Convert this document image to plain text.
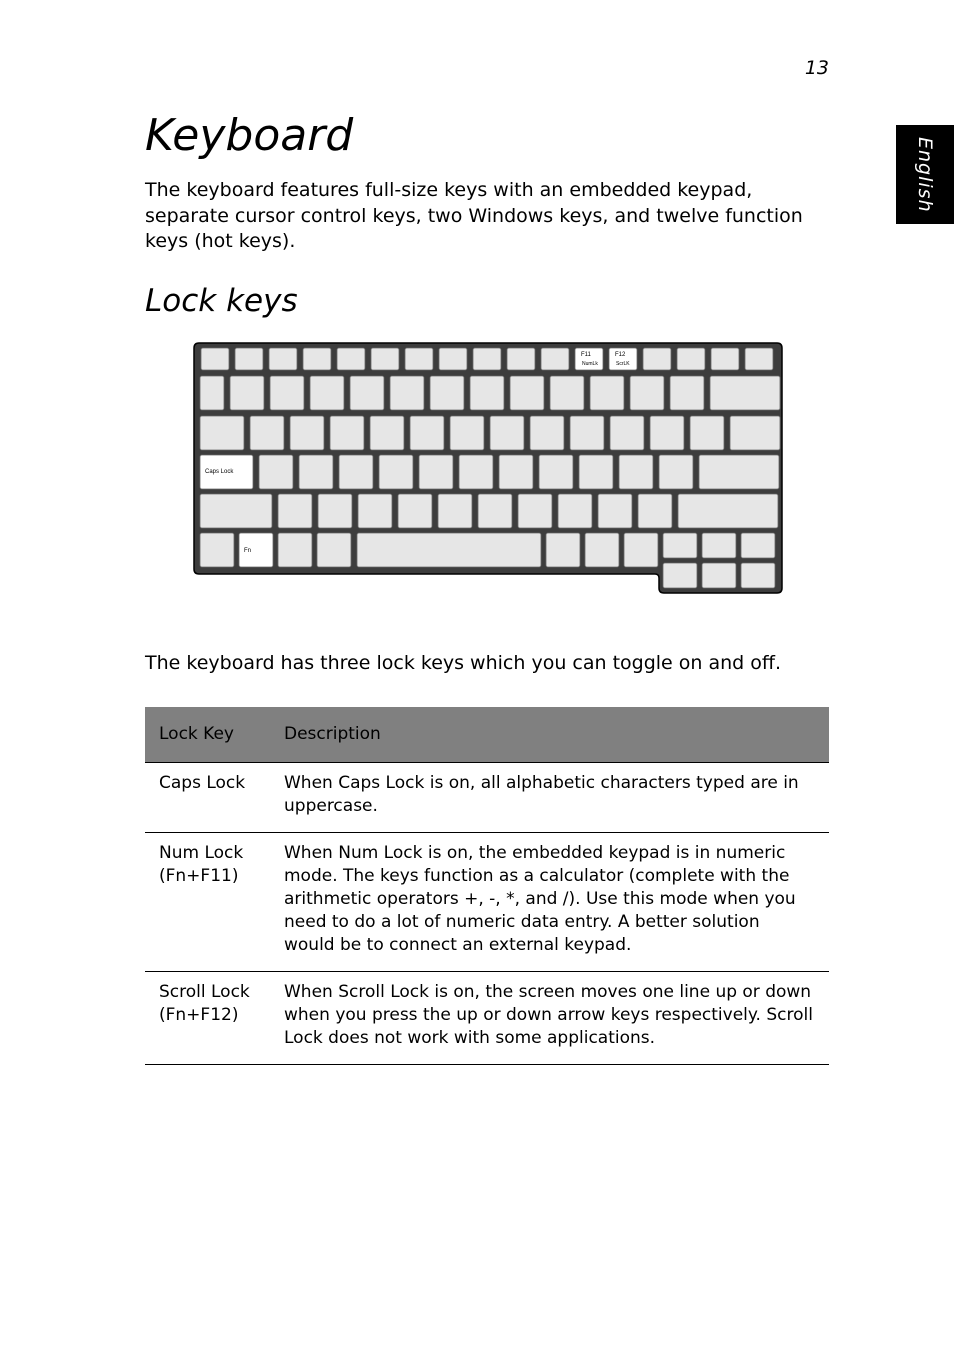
13
English
Keyboard

The keyboard features full-size keys with an embedded keypad, separate cursor control keys, two Windows keys, and twelve function keys (hot keys).

Lock keys
F11
NumLk
F12
ScrLK
Caps Lock
Fn

The keyboard has three lock keys which you can toggle on and off.

Lock Key	Description
Caps Lock	When Caps Lock is on, all alphabetic characters typed are in uppercase.
Num Lock
(Fn+F11)	When Num Lock is on, the embedded keypad is in numeric mode. The keys function as a calculator (complete with the arithmetic operators +, -, *, and /). Use this mode when you need to do a lot of numeric data entry. A better solution would be to connect an external keypad.
Scroll Lock
(Fn+F12)	When Scroll Lock is on, the screen moves one line up or down when you press the up or down arrow keys respectively. Scroll Lock does not work with some applications.
